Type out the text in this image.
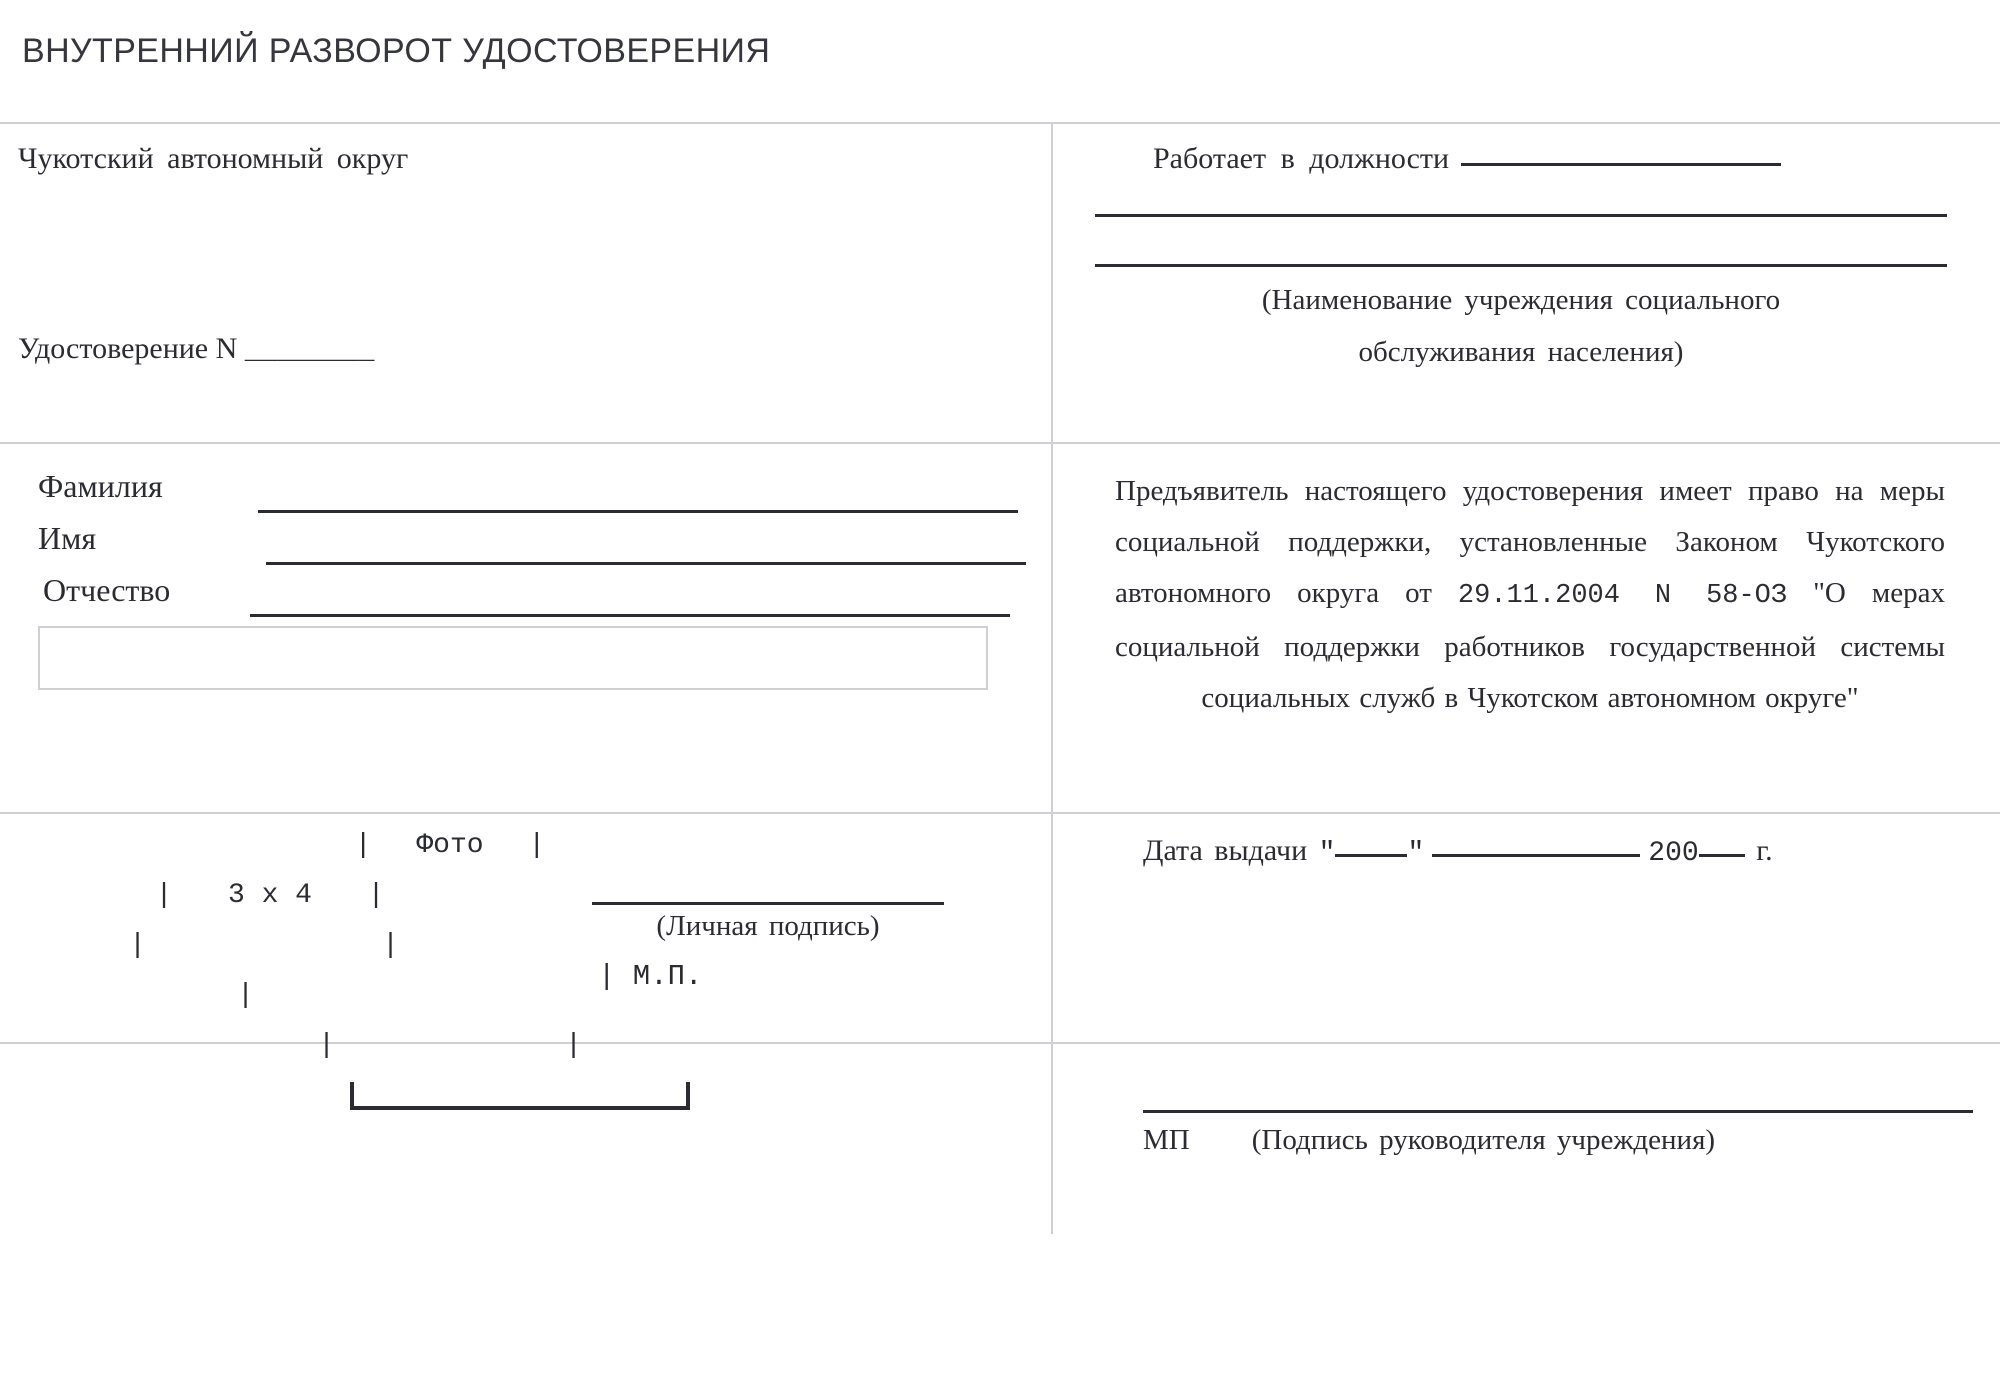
ВНУТРЕННИЙ РАЗВОРОТ УДОСТОВЕРЕНИЯ
Чукотский автономный округ
Удостоверение N ________
Работает в должности
(Наименование учреждения социального
обслуживания населения)
Фамилия
Имя
Отчество
Предъявитель настоящего удостоверения имеет право на меры социальной поддержки, установленные Законом Чукотского автономного округа от 29.11.2004 N 58-ОЗ "О мерах социальной поддержки работников государственной системы социальных служб в Чукотском автономном округе"
| Фото |
| 3 x 4 |
|	|
|
|	|
(Личная подпись)
| М.П.
Дата выдачи "	"	200 г.
МП (Подпись руководителя учреждения)
